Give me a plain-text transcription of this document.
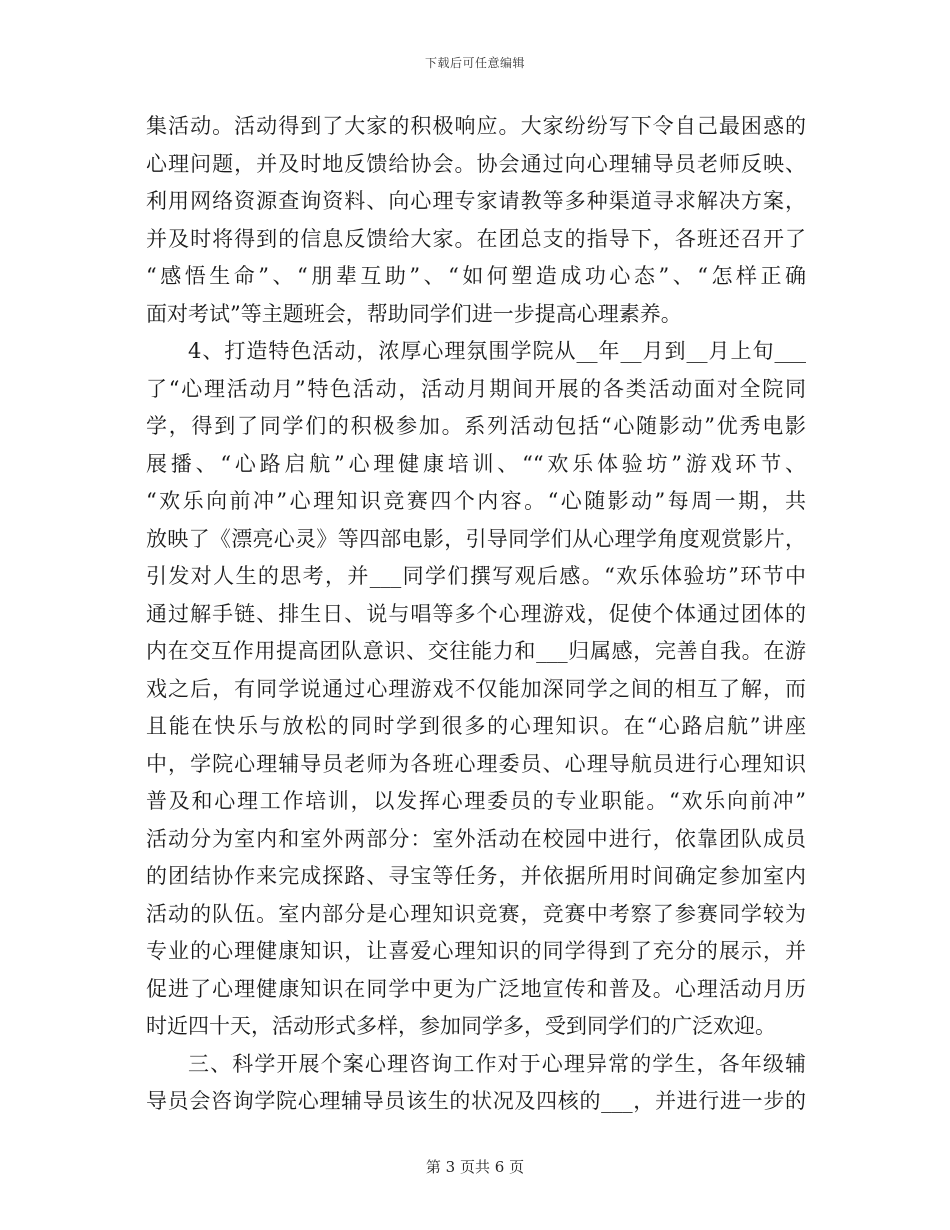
下载后可任意编辑
集活动。活动得到了大家的积极响应。大家纷纷写下令自己最困惑的
心理问题，并及时地反馈给协会。协会通过向心理辅导员老师反映、
利用网络资源查询资料、向心理专家请教等多种渠道寻求解决方案，
并及时将得到的信息反馈给大家。在团总支的指导下，各班还召开了
“感悟生命”、“朋辈互助”、“如何塑造成功心态”、“怎样正确
面对考试”等主题班会，帮助同学们进一步提高心理素养。
4、打造特色活动，浓厚心理氛围学院从__年__月到__月上旬___
了“心理活动月”特色活动，活动月期间开展的各类活动面对全院同
学，得到了同学们的积极参加。系列活动包括“心随影动”优秀电影
展播、“心路启航”心理健康培训、““欢乐体验坊”游戏环节、
“欢乐向前冲”心理知识竞赛四个内容。“心随影动”每周一期，共
放映了《漂亮心灵》等四部电影，引导同学们从心理学角度观赏影片，
引发对人生的思考，并___同学们撰写观后感。“欢乐体验坊”环节中
通过解手链、排生日、说与唱等多个心理游戏，促使个体通过团体的
内在交互作用提高团队意识、交往能力和___归属感，完善自我。在游
戏之后，有同学说通过心理游戏不仅能加深同学之间的相互了解，而
且能在快乐与放松的同时学到很多的心理知识。在“心路启航”讲座
中，学院心理辅导员老师为各班心理委员、心理导航员进行心理知识
普及和心理工作培训，以发挥心理委员的专业职能。“欢乐向前冲”
活动分为室内和室外两部分：室外活动在校园中进行，依靠团队成员
的团结协作来完成探路、寻宝等任务，并依据所用时间确定参加室内
活动的队伍。室内部分是心理知识竞赛，竞赛中考察了参赛同学较为
专业的心理健康知识，让喜爱心理知识的同学得到了充分的展示，并
促进了心理健康知识在同学中更为广泛地宣传和普及。心理活动月历
时近四十天，活动形式多样，参加同学多，受到同学们的广泛欢迎。
三、科学开展个案心理咨询工作对于心理异常的学生，各年级辅
导员会咨询学院心理辅导员该生的状况及四核的___，并进行进一步的
第 3 页共 6 页
